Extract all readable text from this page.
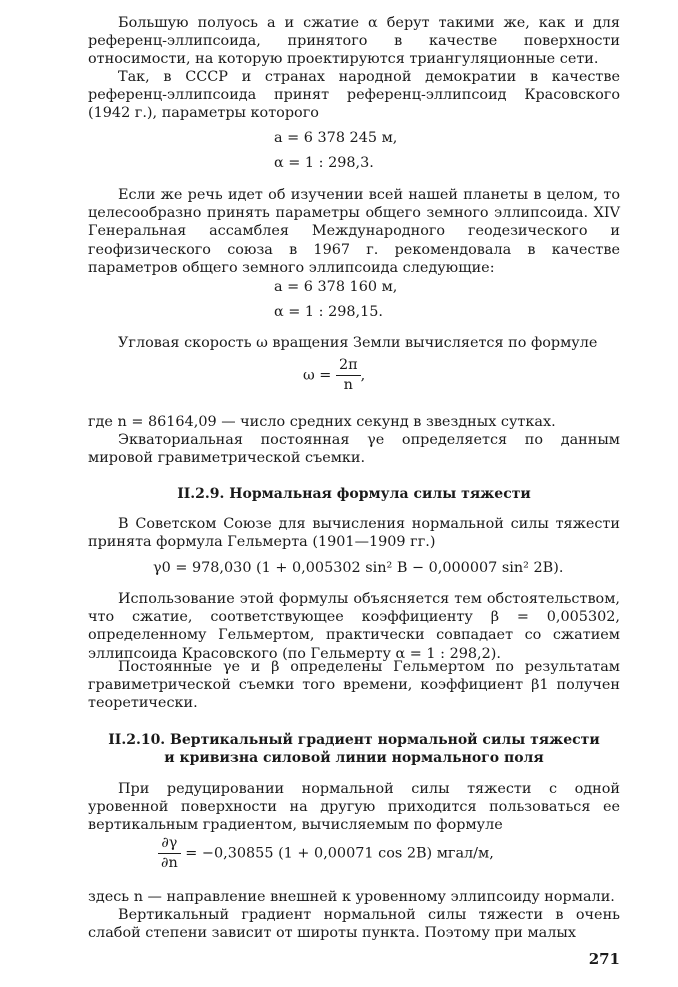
Большую полуось a и сжатие α берут такими же, как и для референц-эллипсоида, принятого в качестве поверхности относимости, на которую проектируются триангуляционные сети.

Так, в СССР и странах народной демократии в качестве референц-эллипсоида принят референц-эллипсоид Красовского (1942 г.), параметры которого

a = 6 378 245 м,

α = 1 : 298,3.

Если же речь идет об изучении всей нашей планеты в целом, то целесообразно принять параметры общего земного эллипсоида. XIV Генеральная ассамблея Международного геодезического и геофизического союза в 1967 г. рекомендовала в качестве параметров общего земного эллипсоида следующие:

a = 6 378 160 м,

α = 1 : 298,15.

Угловая скорость ω вращения Земли вычисляется по формуле

$\omega = \frac{2\pi}{n}$ ,

где n = 86164,09 — число средних секунд в звездных сутках.

Экваториальная постоянная γe определяется по данным мировой гравиметрической съемки.

II.2.9. Нормальная формула силы тяжести

В Советском Союзе для вычисления нормальной силы тяжести принята формула Гельмерта (1901—1909 гг.)

γ0 = 978,030 (1 + 0,005302 sin² B − 0,000007 sin² 2B).

Использование этой формулы объясняется тем обстоятельством, что сжатие, соответствующее коэффициенту β = 0,005302, определенному Гельмертом, практически совпадает со сжатием эллипсоида Красовского (по Гельмерту α = 1 : 298,2).

Постоянные γe и β определены Гельмертом по результатам гравиметрической съемки того времени, коэффициент β1 получен теоретически.

II.2.10. Вертикальный градиент нормальной силы тяжести

и кривизна силовой линии нормального поля

При редуцировании нормальной силы тяжести с одной уровенной поверхности на другую приходится пользоваться ее вертикальным градиентом, вычисляемым по формуле

$\frac{\partial\gamma}{\partial n} = -0,30855$ (1 + 0,00071 cos 2B) мгал/м,

здесь n — направление внешней к уровенному эллипсоиду нормали.

Вертикальный градиент нормальной силы тяжести в очень слабой степени зависит от широты пункта. Поэтому при малых

271
